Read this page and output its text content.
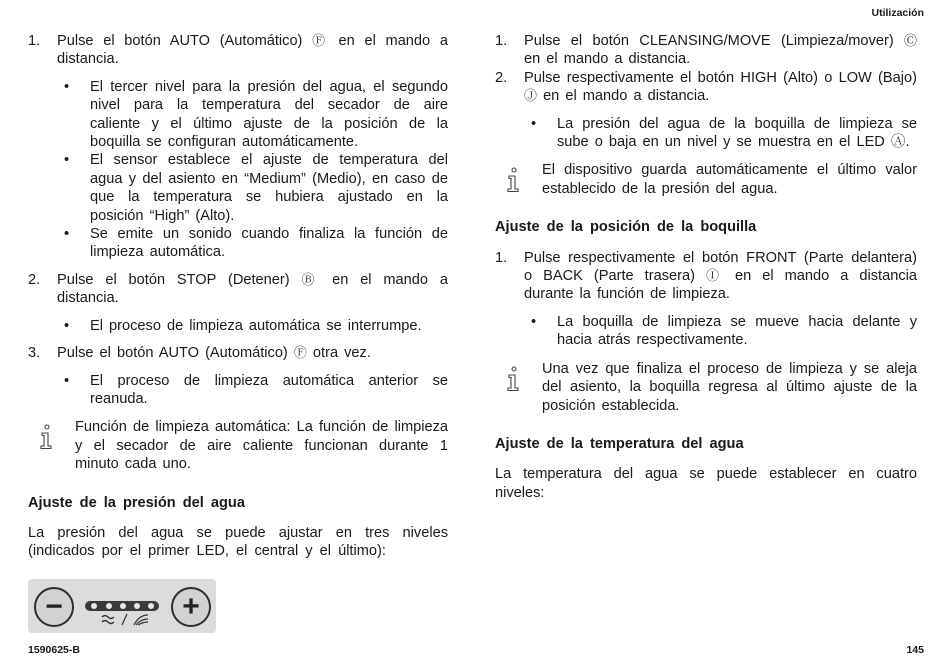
Utilización
1. Pulse el botón AUTO (Automático) Ⓕ en el mando a distancia.
• El tercer nivel para la presión del agua, el segundo nivel para la temperatura del secador de aire caliente y el último ajuste de la posición de la boquilla se configuran automáticamente.
• El sensor establece el ajuste de temperatura del agua y del asiento en “Medium” (Medio), en caso de que la temperatura se hubiera ajustado en la posición “High” (Alto).
• Se emite un sonido cuando finaliza la función de limpieza automática.
2. Pulse el botón STOP (Detener) Ⓑ en el mando a distancia.
• El proceso de limpieza automática se interrumpe.
3. Pulse el botón AUTO (Automático) Ⓕ otra vez.
• El proceso de limpieza automática anterior se reanuda.
Función de limpieza automática: La función de limpieza y el secador de aire caliente funcionan durante 1 minuto cada uno.
Ajuste de la presión del agua
La presión del agua se puede ajustar en tres niveles (indicados por el primer LED, el central y el último):
−	+
1. Pulse el botón CLEANSING/MOVE (Limpieza/mover) Ⓒ en el mando a distancia.
2. Pulse respectivamente el botón HIGH (Alto) o LOW (Bajo) Ⓙ en el mando a distancia.
• La presión del agua de la boquilla de limpieza se sube o baja en un nivel y se muestra en el LED Ⓐ.
El dispositivo guarda automáticamente el último valor establecido de la presión del agua.
Ajuste de la posición de la boquilla
1. Pulse respectivamente el botón FRONT (Parte delantera) o BACK (Parte trasera) Ⓘ en el mando a distancia durante la función de limpieza.
• La boquilla de limpieza se mueve hacia delante y hacia atrás respectivamente.
Una vez que finaliza el proceso de limpieza y se aleja del asiento, la boquilla regresa al último ajuste de la posición establecida.
Ajuste de la temperatura del agua
La temperatura del agua se puede establecer en cuatro niveles:
1590625-B	145
